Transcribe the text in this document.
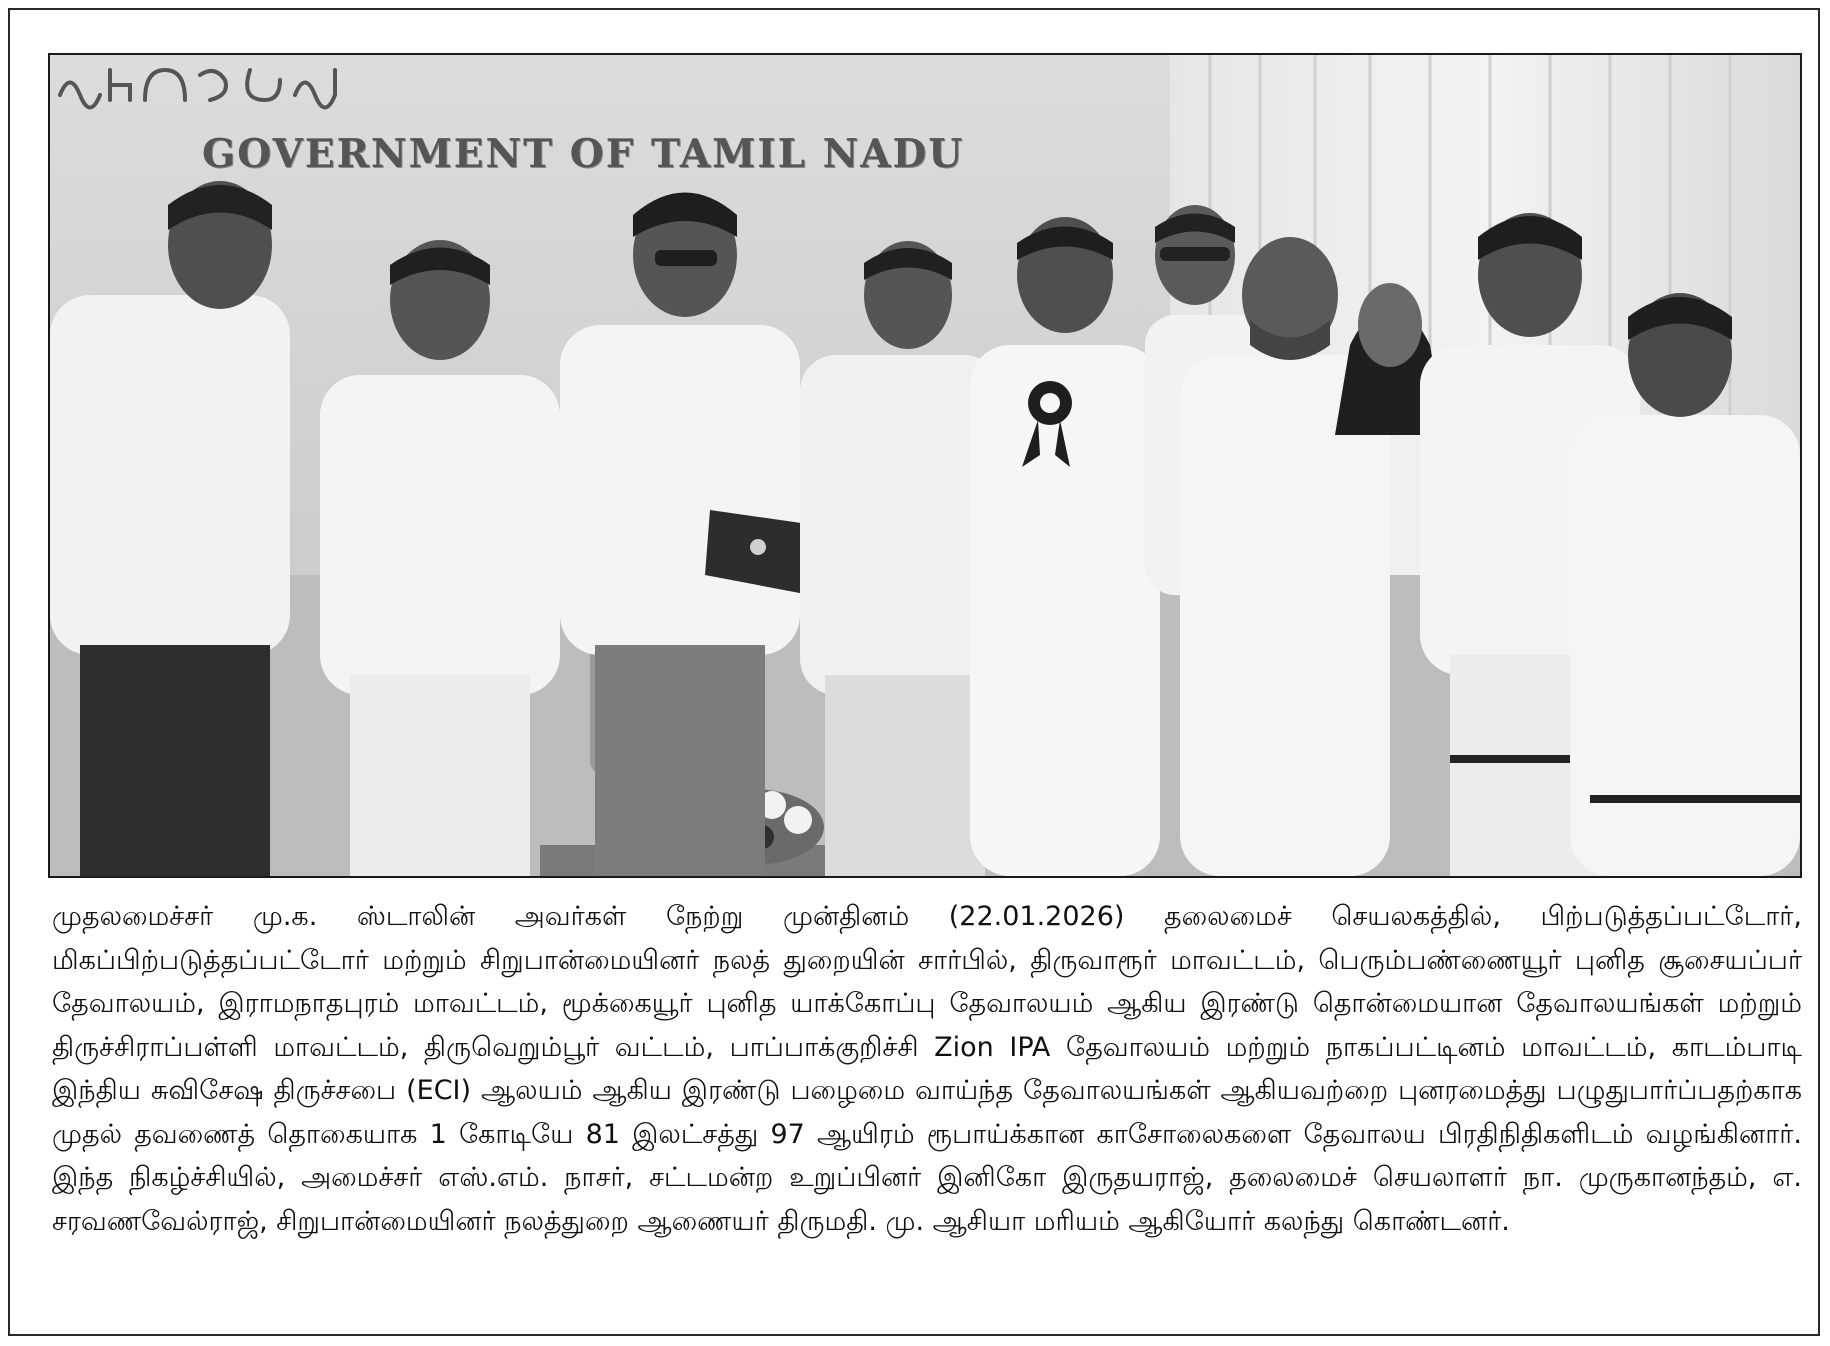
GOVERNMENT OF TAMIL NADU
முதலமைச்சர் மு.க. ஸ்டாலின் அவர்கள் நேற்று முன்தினம் (22.01.2026) தலைமைச் செயலகத்தில், பிற்படுத்தப்பட்டோர், மிகப்பிற்படுத்தப்பட்டோர் மற்றும் சிறுபான்மையினர் நலத் துறையின் சார்பில், திருவாரூர் மாவட்டம், பெரும்பண்ணையூர் புனித சூசையப்பர் தேவாலயம், இராமநாதபுரம் மாவட்டம், மூக்கையூர் புனித யாக்கோப்பு தேவாலயம் ஆகிய இரண்டு தொன்மையான தேவாலயங்கள் மற்றும் திருச்சிராப்பள்ளி மாவட்டம், திருவெறும்பூர் வட்டம், பாப்பாக்குறிச்சி Zion IPA தேவாலயம் மற்றும் நாகப்பட்டினம் மாவட்டம், காடம்பாடி இந்திய சுவிசேஷ திருச்சபை (ECI) ஆலயம் ஆகிய இரண்டு பழைமை வாய்ந்த தேவாலயங்கள் ஆகியவற்றை புனரமைத்து பழுதுபார்ப்பதற்காக முதல் தவணைத் தொகையாக 1 கோடியே 81 இலட்சத்து 97 ஆயிரம் ரூபாய்க்கான காசோலைகளை தேவாலய பிரதிநிதிகளிடம் வழங்கினார். இந்த நிகழ்ச்சியில், அமைச்சர் எஸ்.எம். நாசர், சட்டமன்ற உறுப்பினர் இனிகோ இருதயராஜ், தலைமைச் செயலாளர் நா. முருகானந்தம், எ. சரவணவேல்ராஜ், சிறுபான்மையினர் நலத்துறை ஆணையர் திருமதி. மு. ஆசியா மரியம் ஆகியோர் கலந்து கொண்டனர்.
